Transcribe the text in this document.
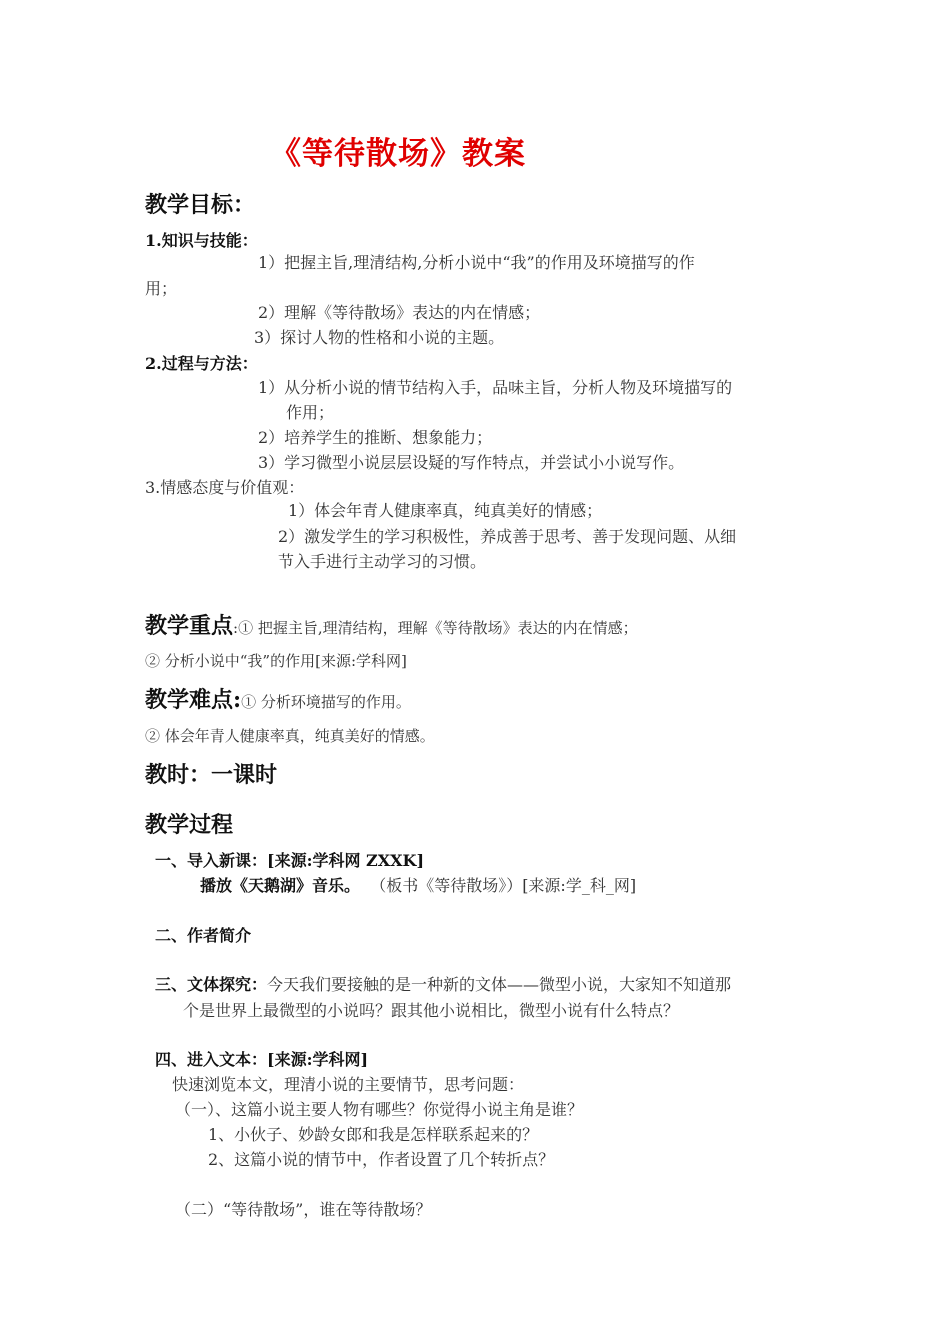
《等待散场》教案
教学目标：
1.知识与技能：
1）把握主旨,理清结构,分析小说中“我”的作用及环境描写的作
用；
2）理解《等待散场》表达的内在情感；
3）探讨人物的性格和小说的主题。
2.过程与方法：
1）从分析小说的情节结构入手，品味主旨，分析人物及环境描写的
作用；
2）培养学生的推断、想象能力；
3）学习微型小说层层设疑的写作特点，并尝试小小说写作。
3.情感态度与价值观：
1）体会年青人健康率真，纯真美好的情感；
2）激发学生的学习积极性，养成善于思考、善于发现问题、从细
节入手进行主动学习的习惯。
教学重点:① 把握主旨,理清结构，理解《等待散场》表达的内在情感；
② 分析小说中“我”的作用[来源:学科网]
教学难点:① 分析环境描写的作用。
② 体会年青人健康率真，纯真美好的情感。
教时：一课时
教学过程
一、导入新课：[来源:学科网 ZXXK]
播放《天鹅湖》音乐。 （板书《等待散场》）[来源:学_科_网]
二、作者简介
三、文体探究：今天我们要接触的是一种新的文体——微型小说，大家知不知道那
个是世界上最微型的小说吗？跟其他小说相比，微型小说有什么特点？
四、进入文本：[来源:学科网]
快速浏览本文，理清小说的主要情节，思考问题：
（一）、这篇小说主要人物有哪些？你觉得小说主角是谁？
1、小伙子、妙龄女郎和我是怎样联系起来的？
2、这篇小说的情节中，作者设置了几个转折点？
（二）“等待散场”，谁在等待散场？
